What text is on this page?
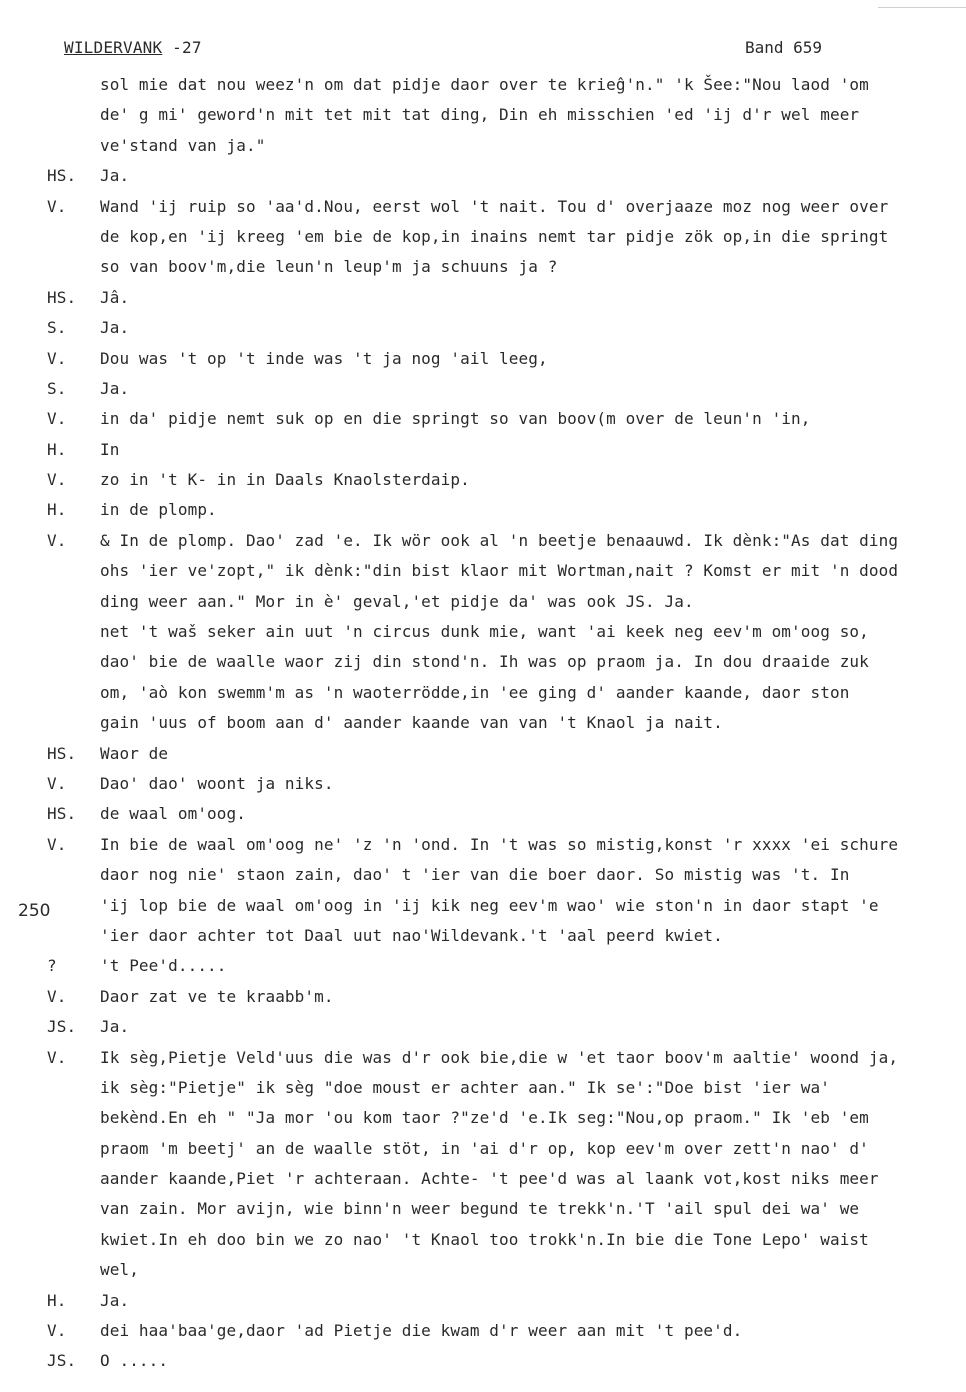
WILDERVANK -27	Band 659
250
sol mie dat nou weez'n om dat pidje daor over te krieĝ'n." 'k Šee:"Nou laod 'om
de' g mi' geword'n mit tet mit tat ding, Din eh misschien 'ed 'ij d'r wel meer
ve'stand van ja."
HS. Ja.
V. Wand 'ij ruip so 'aa'd.Nou, eerst wol 't nait. Tou d' overjaaze moz nog weer over
de kop,en 'ij kreeg 'em bie de kop,in inains nemt tar pidje zök op,in die springt
so van boov'm,die leun'n leup'm ja schuuns ja ?
HS. Jâ.
S. Ja.
V. Dou was 't op 't inde was 't ja nog 'ail leeg,
S. Ja.
V. in da' pidje nemt suk op en die springt so van boov(m over de leun'n 'in,
H. In
V. zo in 't K- in in Daals Knaolsterdaip.
H. in de plomp.
V. & In de plomp. Dao' zad 'e. Ik wör ook al 'n beetje benaauwd. Ik dènk:"As dat ding
ohs 'ier ve'zopt," ik dènk:"din bist klaor mit Wortman,nait ? Komst er mit 'n dood
ding weer aan." Mor in è' geval,'et pidje da' was ook JS. Ja.
net 't waš seker ain uut 'n circus dunk mie, want 'ai keek neg eev'm om'oog so,
dao' bie de waalle waor zij din stond'n. Ih was op praom ja. In dou draaide zuk
om, 'aò kon swemm'm as 'n waoterrödde,in 'ee ging d' aander kaande, daor ston
gain 'uus of boom aan d' aander kaande van van 't Knaol ja nait.
HS. Waor de
V. Dao' dao' woont ja niks.
HS. de waal om'oog.
V. In bie de waal om'oog ne' 'z 'n 'ond. In 't was so mistig,konst 'r xxxx 'ei schure
daor nog nie' staon zain, dao' t 'ier van die boer daor. So mistig was 't. In
'ij lop bie de waal om'oog in 'ij kik neg eev'm wao' wie ston'n in daor stapt 'e
'ier daor achter tot Daal uut nao'Wildevank.'t 'aal peerd kwiet.
?	't Pee'd.....
V. Daor zat ve te kraabb'm.
JS. Ja.
V. Ik sèg,Pietje Veld'uus die was d'r ook bie,die w 'et taor boov'm aaltie' woond ja,
ik sèg:"Pietje" ik sèg "doe moust er achter aan." Ik se':"Doe bist 'ier wa'
bekènd.En eh " "Ja mor 'ou kom taor ?"ze'd 'e.Ik seg:"Nou,op praom." Ik 'eb 'em
praom 'm beetj' an de waalle stöt, in 'ai d'r op, kop eev'm over zett'n nao' d'
aander kaande,Piet 'r achteraan. Achte- 't pee'd was al laank vot,kost niks meer
van zain. Mor avijn, wie binn'n weer begund te trekk'n.'T 'ail spul dei wa' we
kwiet.In eh doo bin we zo nao' 't Knaol too trokk'n.In bie die Tone Lepo' waist
wel,
H. Ja.
V. dei haa'baa'ge,daor 'ad Pietje die kwam d'r weer aan mit 't pee'd.
JS. O .....
